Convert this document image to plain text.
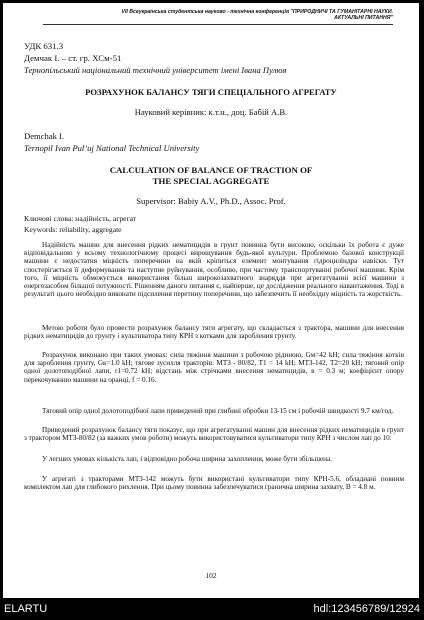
VII Всеукраїнська студентська науково - технічна конференція "ПРИРОДНИЧІ ТА ГУМАНІТАРНІ НАУКИ.
АКТУАЛЬНІ ПИТАННЯ"
УДК 631.3
Демчак І. – ст. гр. ХСм-51
Тернопільський національний технічний університет імені Івана Пулюя
РОЗРАХУНОК БАЛАНСУ ТЯГИ СПЕЦІАЛЬНОГО АГРЕГАТУ
Науковий керівник: к.т.н., доц. Бабій А.В.
Demchak I.
Ternopil Ivan Pul’uj National Technical University
CALCULATION OF BALANCE OF TRACTION OF
THE SPECIAL AGGREGATE
Supervisor: Babiy A.V., Ph.D., Assoc. Prof.
Ключові слова: надійність, агрегат
Keywords: reliability, aggregate

Надійність машин для внесення рідких нематицидів в грунт повинна бути високою, оскільки їх робота є дуже відповідальною у всьому технологічному процесі вирощування будь-якої культури. Проблемою базової конструкції машини є недостатня міцність поперечини на якій кріпиться елемент монтування гідроциліндра навіски. Тут спостерігається її деформування та наступне руйнування, особливо, при частому транспортуванні робочої машини. Крім того, її міцність обмежується використання більш широкозахватного знаряддя при агрегатуванні всієї машини з енергозасобом більшої потужності. Рішенням даного питання є, найперше, це дослідження реального навантаження. Тоді в результаті цього необхідно виконати підсилення перетину поперечини, що забезпечить її необхідну міцність та жорсткість.

Метою роботи було провести розрахунок балансу тяги агрегату, що складається з трактора, машини для внесення рідких нематицидів до грунту і культиватора типу КРН з котками для заробления грунту.

Розрахунок виконано при таких умовах: сила тяжіння машини з робочою рідиною, Gм=42 kH; сила тяжіння котків для заробления грунту, Gк=1.0 kH; тягове зусилля тракторів: МТЗ - 80/82, Т1 = 14 kH; МТЗ-142, Т2=20 kH; тяговий опір одної долотоподібної лапи, r1=0.72 kH; відстань між стрічками внесення нематицидів, в = 0.3 м; коефіцієнт опору перекочуванню машини на оранці, f = 0.16.

Тяговий опір одної долотоподібної лапи приведений при глибині обробки 13-15 см і робочій швидкості 9.7 км/год.

Приведений розрахунок балансу тяги показує, що при агрегатуванні машин для внесення рідких нематицидів в грунт з трактором МТЗ-80/82 (за важких умов роботи) можуть використовуватися культиватори типу КРН з числом лап до 10.

У легших умовах кількість лап, і відповідно робоча ширина захоплення, може бути збільшена.

У агрегаті з тракторами МТЗ-142 можуть бути використані культиватори типу КРН-5.6, обладнані повним комплектом лап для глибокого рихлення. При цьому повинна забезпечуватися гранична ширина захвату, В = 4.8 м.

102
ELARTU	hdl:123456789/12924
